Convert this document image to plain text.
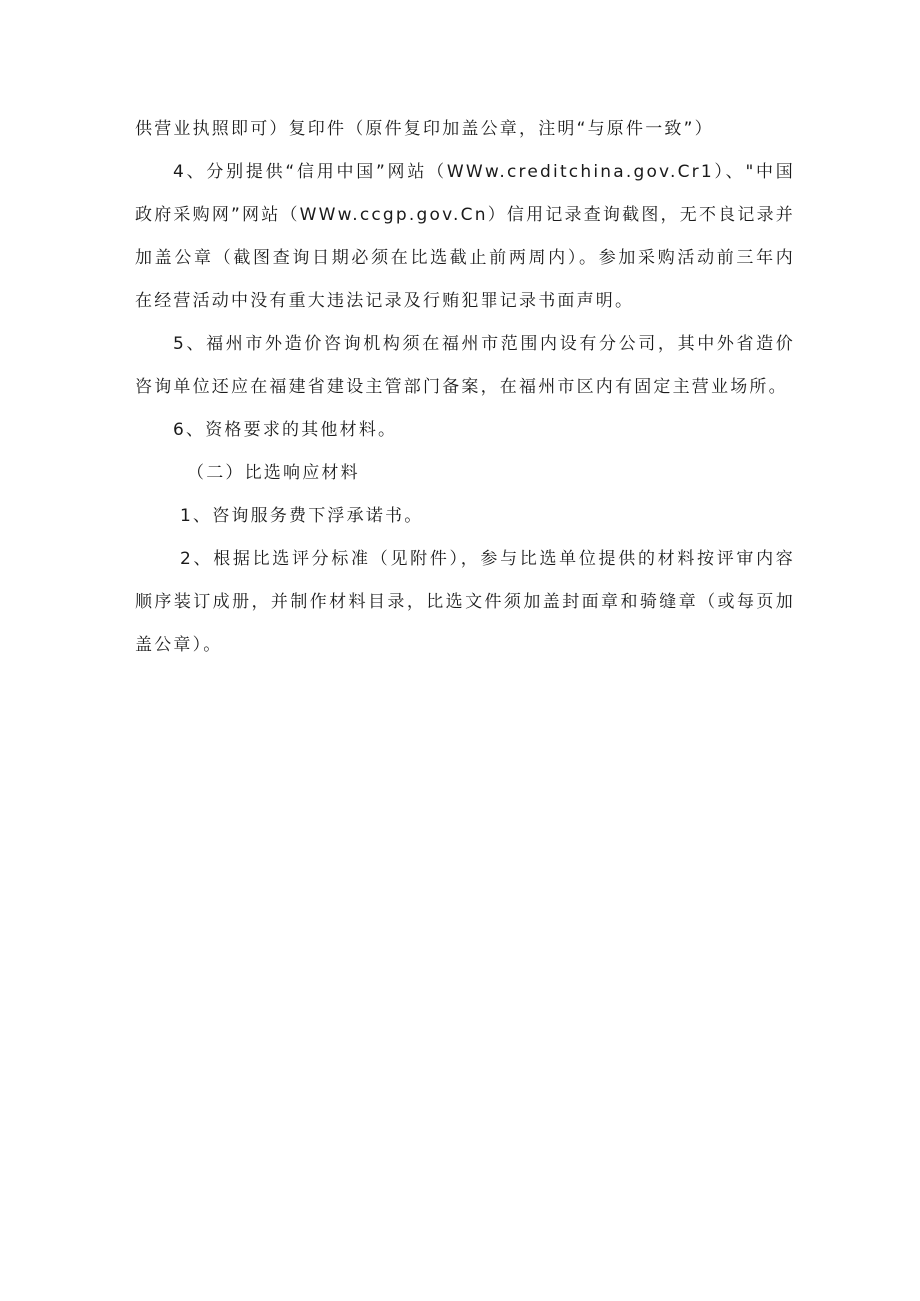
供营业执照即可）复印件（原件复印加盖公章，注明“与原件一致”）

4、分别提供“信用中国”网站（WWw.creditchina.gov.Cr1）、"中国政府采购网”网站（WWw.ccgp.gov.Cn）信用记录查询截图，无不良记录并加盖公章（截图查询日期必须在比选截止前两周内）。参加采购活动前三年内在经营活动中没有重大违法记录及行贿犯罪记录书面声明。

5、福州市外造价咨询机构须在福州市范围内设有分公司，其中外省造价咨询单位还应在福建省建设主管部门备案，在福州市区内有固定主营业场所。

6、资格要求的其他材料。

（二）比选响应材料

1、咨询服务费下浮承诺书。

2、根据比选评分标准（见附件），参与比选单位提供的材料按评审内容顺序装订成册，并制作材料目录，比选文件须加盖封面章和骑缝章（或每页加盖公章）。
